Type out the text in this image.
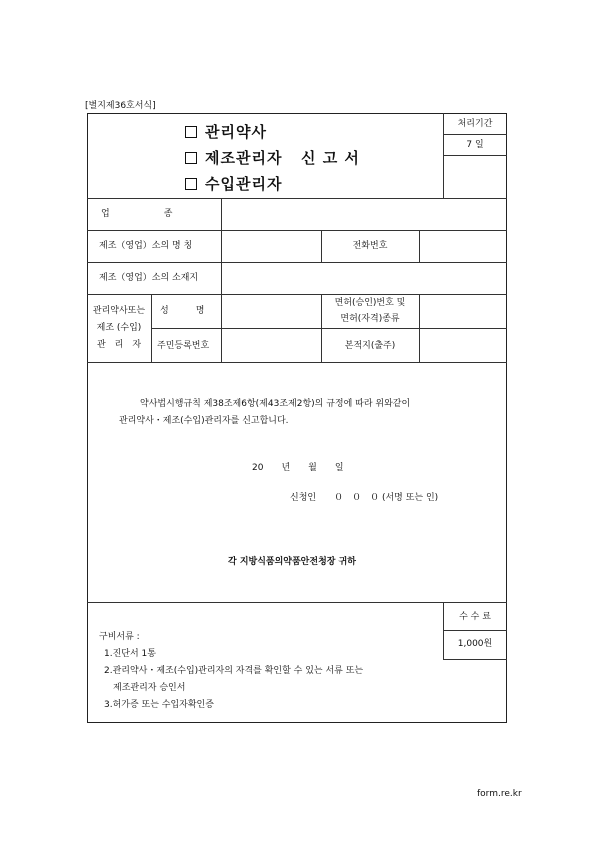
[별지제36호서식]
관리약사
제조관리자
수입관리자
신 고 서
처리기간
7 일
업　　　　　　종
제조（영업）소의 명 칭	전화번호
제조（영업）소의 소재지
관리약사또는
제조 (수입)
관　리　자
성　　　명
면허(승인)번호 및
면허(자격)종류
주민등록번호	본적지(출주)
약사법시행규칙 제38조제6항(제43조제2항)의 규정에 따라 위와같이
관리약사・제조(수입)관리자를 신고합니다.
20　　년　　월　　일
신청인　　０　０　０ (서명 또는 인)
각 지방식품의약품안전청장 귀하
수 수 료
1,000원
구비서류 :
1.진단서 1통
2.관리약사・제조(수입)관리자의 자격를 확인할 수 있는 서류 또는
제조관리자 승인서
3.허가증 또는 수입자확인증
form.re.kr
